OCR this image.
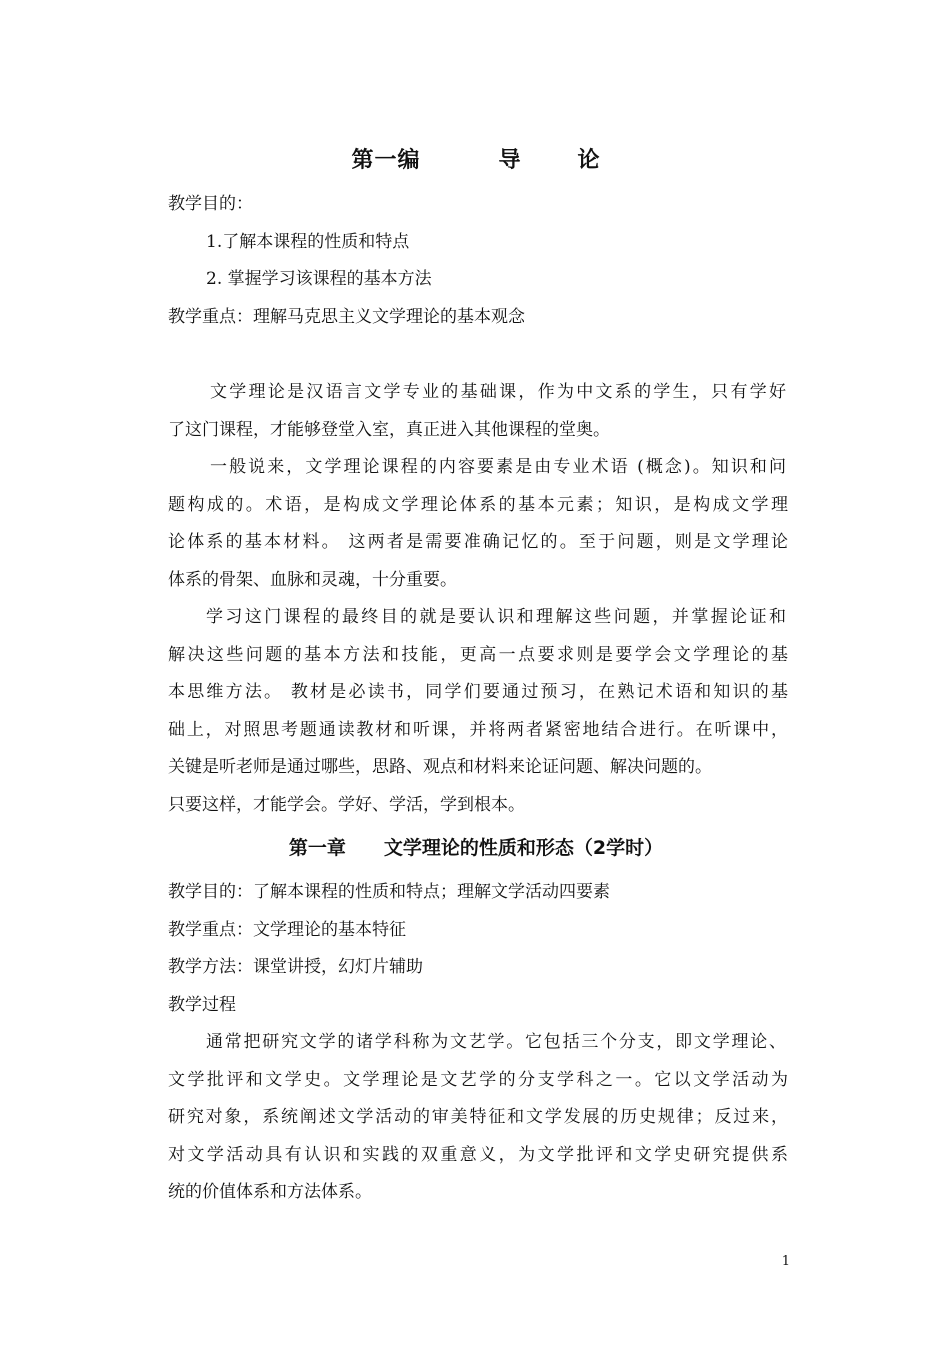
第一编	导	论
教学目的：
1.了解本课程的性质和特点
2. 掌握学习该课程的基本方法
教学重点：理解马克思主义文学理论的基本观念
文学理论是汉语言文学专业的基础课，作为中文系的学生，只有学好
了这门课程，才能够登堂入室，真正进入其他课程的堂奥。
一般说来，文学理论课程的内容要素是由专业术语 (概念)。知识和问
题构成的。术语，是构成文学理论体系的基本元素；知识，是构成文学理
论体系的基本材料。 这两者是需要准确记忆的。至于问题，则是文学理论
体系的骨架、血脉和灵魂，十分重要。
学习这门课程的最终目的就是要认识和理解这些问题，并掌握论证和
解决这些问题的基本方法和技能，更高一点要求则是要学会文学理论的基
本思维方法。 教材是必读书，同学们要通过预习，在熟记术语和知识的基
础上，对照思考题通读教材和听课，并将两者紧密地结合进行。在听课中，
关键是听老师是通过哪些，思路、观点和材料来论证问题、解决问题的。
只要这样，才能学会。学好、学活，学到根本。
第一章 文学理论的性质和形态（2学时）
教学目的：了解本课程的性质和特点；理解文学活动四要素
教学重点：文学理论的基本特征
教学方法：课堂讲授，幻灯片辅助
教学过程
通常把研究文学的诸学科称为文艺学。它包括三个分支，即文学理论、
文学批评和文学史。文学理论是文艺学的分支学科之一。它以文学活动为
研究对象，系统阐述文学活动的审美特征和文学发展的历史规律；反过来，
对文学活动具有认识和实践的双重意义，为文学批评和文学史研究提供系
统的价值体系和方法体系。
1
